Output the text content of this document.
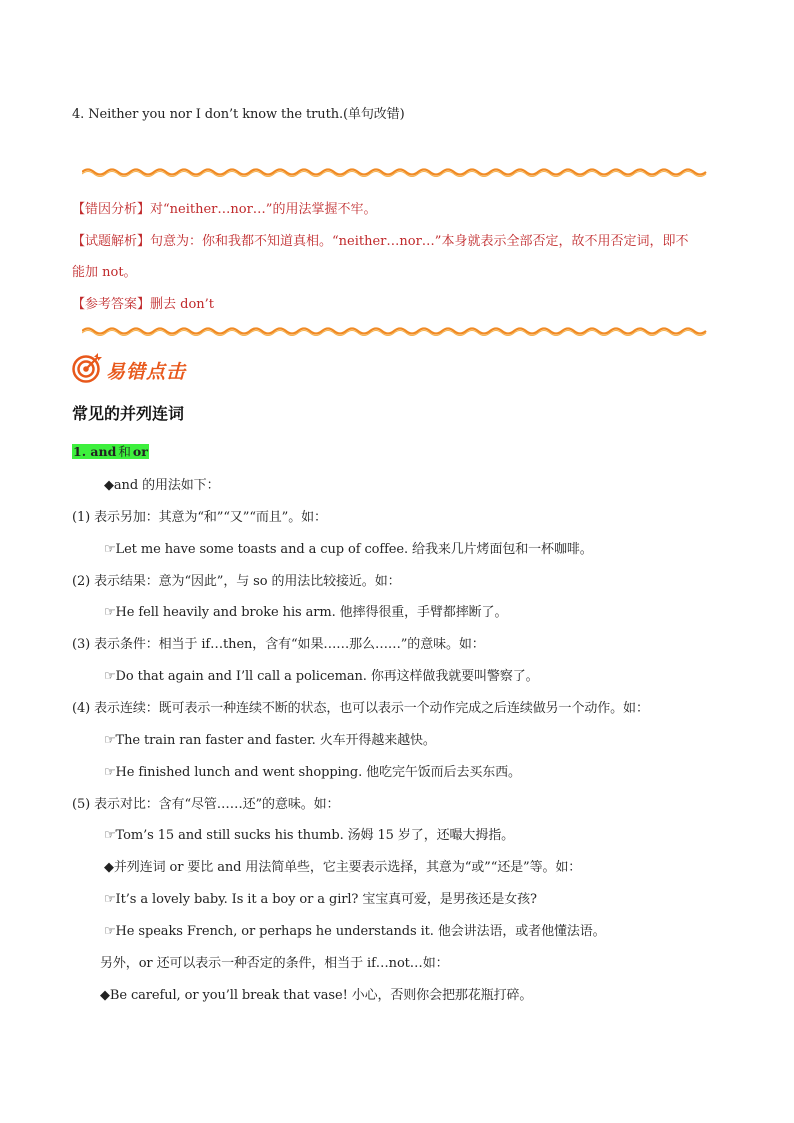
4. Neither you nor I don’t know the truth.(单句改错)
【错因分析】对“neither…nor…”的用法掌握不牢。
【试题解析】句意为：你和我都不知道真相。“neither…nor…”本身就表示全部否定，故不用否定词，即不
能加 not。
【参考答案】删去 don’t
易错点击
常见的并列连词
1. and 和 or
◆and 的用法如下：
(1) 表示另加：其意为“和”“又”“而且”。如：
☞Let me have some toasts and a cup of coffee. 给我来几片烤面包和一杯咖啡。
(2) 表示结果：意为“因此”，与 so 的用法比较接近。如：
☞He fell heavily and broke his arm. 他摔得很重，手臂都摔断了。
(3) 表示条件：相当于 if…then，含有“如果……那么……”的意味。如：
☞Do that again and I’ll call a policeman. 你再这样做我就要叫警察了。
(4) 表示连续：既可表示一种连续不断的状态，也可以表示一个动作完成之后连续做另一个动作。如：
☞The train ran faster and faster. 火车开得越来越快。
☞He finished lunch and went shopping. 他吃完午饭而后去买东西。
(5) 表示对比：含有“尽管……还”的意味。如：
☞Tom’s 15 and still sucks his thumb. 汤姆 15 岁了，还嘬大拇指。
◆并列连词 or 要比 and 用法简单些，它主要表示选择，其意为“或”“还是”等。如：
☞It’s a lovely baby. Is it a boy or a girl? 宝宝真可爱，是男孩还是女孩?
☞He speaks French, or perhaps he understands it. 他会讲法语，或者他懂法语。
另外，or 还可以表示一种否定的条件，相当于 if…not…如：
◆Be careful, or you’ll break that vase! 小心，否则你会把那花瓶打碎。
